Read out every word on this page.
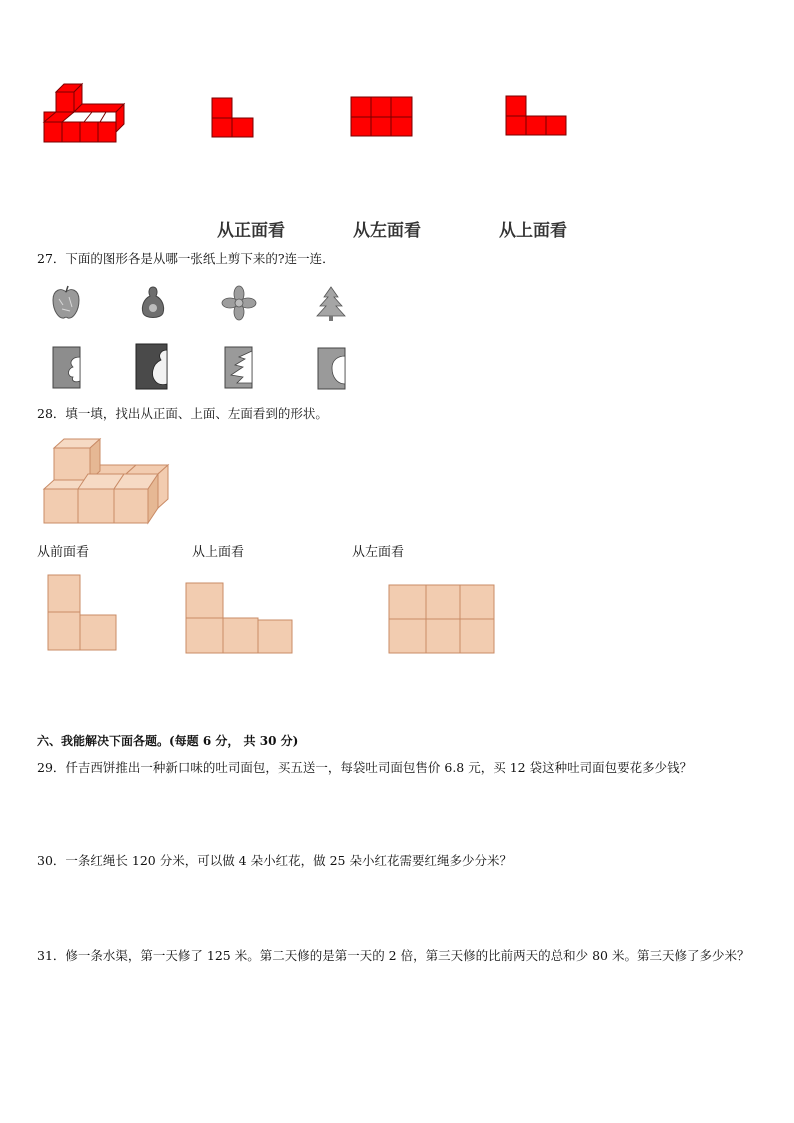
从正面看	从左面看	从上面看
27．下面的图形各是从哪一张纸上剪下来的?连一连．
28．填一填，找出从正面、上面、左面看到的形状。
从前面看	从上面看	从左面看
六、我能解决下面各题。(每题 6 分， 共 30 分)
29．仟吉西饼推出一种新口味的吐司面包，买五送一，每袋吐司面包售价 6.8 元，买 12 袋这种吐司面包要花多少钱？
30．一条红绳长 120 分米，可以做 4 朵小红花，做 25 朵小红花需要红绳多少分米？
31．修一条水渠，第一天修了 125 米。第二天修的是第一天的 2 倍，第三天修的比前两天的总和少 80 米。第三天修了多少米？
